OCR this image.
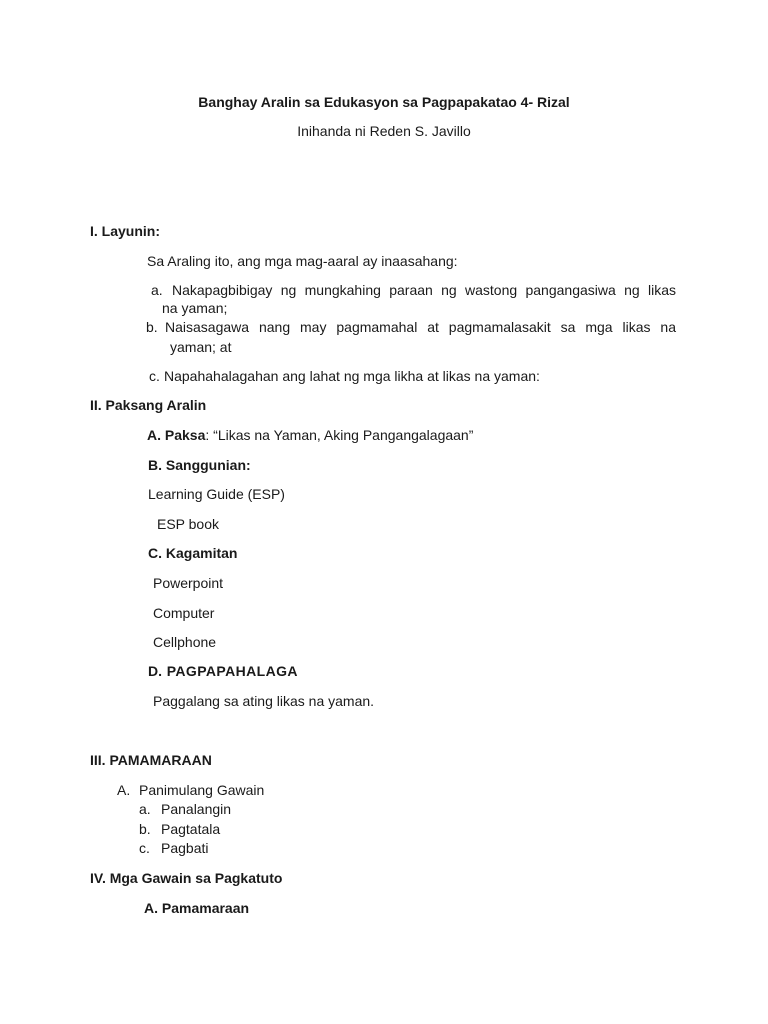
Banghay Aralin sa Edukasyon sa Pagpapakatao 4- Rizal
Inihanda ni Reden S. Javillo
I. Layunin:
Sa Araling ito, ang mga mag-aaral ay inaasahang:
a. Nakapagbibigay ng mungkahing paraan ng wastong pangangasiwa ng likas
na yaman;
b. Naisasagawa nang may pagmamahal at pagmamalasakit sa mga likas na
yaman; at
c. Napahahalagahan ang lahat ng mga likha at likas na yaman:
II. Paksang Aralin
A. Paksa: “Likas na Yaman, Aking Pangangalagaan”
B. Sanggunian:
Learning Guide (ESP)
ESP book
C. Kagamitan
Powerpoint
Computer
Cellphone
D. PAGPAPAHALAGA
Paggalang sa ating likas na yaman.
III. PAMAMARAAN
A. Panimulang Gawain
a. Panalangin
b. Pagtatala
c. Pagbati
IV. Mga Gawain sa Pagkatuto
A. Pamamaraan
